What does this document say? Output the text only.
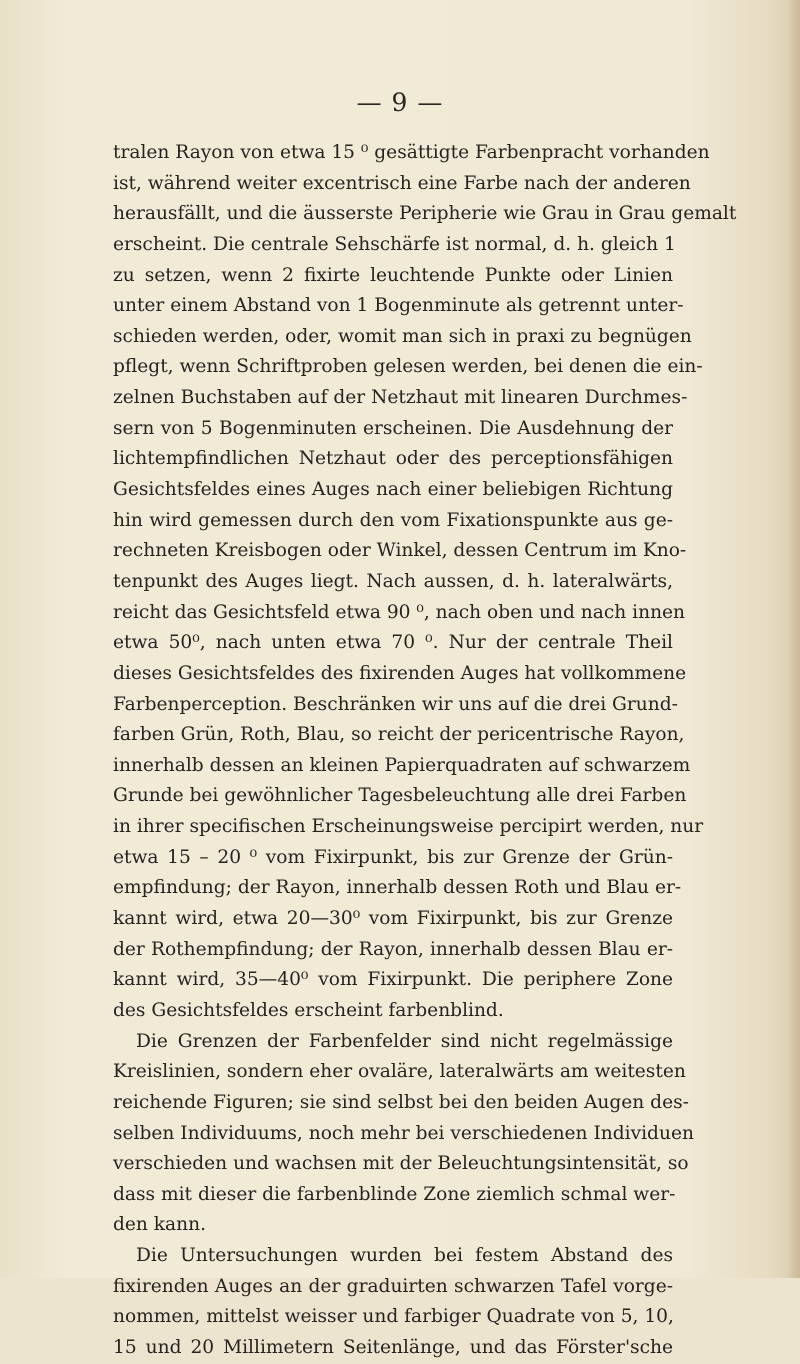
— 9 —
tralen Rayon von etwa 15 ⁰ gesättigte Farbenpracht vorhanden
ist, während weiter excentrisch eine Farbe nach der anderen
herausfällt, und die äusserste Peripherie wie Grau in Grau gemalt
erscheint. Die centrale Sehschärfe ist normal, d. h. gleich 1
zu setzen, wenn 2 fixirte leuchtende Punkte oder Linien
unter einem Abstand von 1 Bogenminute als getrennt unter-
schieden werden, oder, womit man sich in praxi zu begnügen
pflegt, wenn Schriftproben gelesen werden, bei denen die ein-
zelnen Buchstaben auf der Netzhaut mit linearen Durchmes-
sern von 5 Bogenminuten erscheinen. Die Ausdehnung der
lichtempfindlichen Netzhaut oder des perceptionsfähigen
Gesichtsfeldes eines Auges nach einer beliebigen Richtung
hin wird gemessen durch den vom Fixationspunkte aus ge-
rechneten Kreisbogen oder Winkel, dessen Centrum im Kno-
tenpunkt des Auges liegt. Nach aussen, d. h. lateralwärts,
reicht das Gesichtsfeld etwa 90 ⁰, nach oben und nach innen
etwa 50⁰, nach unten etwa 70 ⁰. Nur der centrale Theil
dieses Gesichtsfeldes des fixirenden Auges hat vollkommene
Farbenperception. Beschränken wir uns auf die drei Grund-
farben Grün, Roth, Blau, so reicht der pericentrische Rayon,
innerhalb dessen an kleinen Papierquadraten auf schwarzem
Grunde bei gewöhnlicher Tagesbeleuchtung alle drei Farben
in ihrer specifischen Erscheinungsweise percipirt werden, nur
etwa 15 – 20 ⁰ vom Fixirpunkt, bis zur Grenze der Grün-
empfindung; der Rayon, innerhalb dessen Roth und Blau er-
kannt wird, etwa 20—30⁰ vom Fixirpunkt, bis zur Grenze
der Rothempfindung; der Rayon, innerhalb dessen Blau er-
kannt wird, 35—40⁰ vom Fixirpunkt. Die periphere Zone
des Gesichtsfeldes erscheint farbenblind.
Die Grenzen der Farbenfelder sind nicht regelmässige
Kreislinien, sondern eher ovaläre, lateralwärts am weitesten
reichende Figuren; sie sind selbst bei den beiden Augen des-
selben Individuums, noch mehr bei verschiedenen Individuen
verschieden und wachsen mit der Beleuchtungsintensität, so
dass mit dieser die farbenblinde Zone ziemlich schmal wer-
den kann.
Die Untersuchungen wurden bei festem Abstand des
fixirenden Auges an der graduirten schwarzen Tafel vorge-
nommen, mittelst weisser und farbiger Quadrate von 5, 10,
15 und 20 Millimetern Seitenlänge, und das Förster'sche
